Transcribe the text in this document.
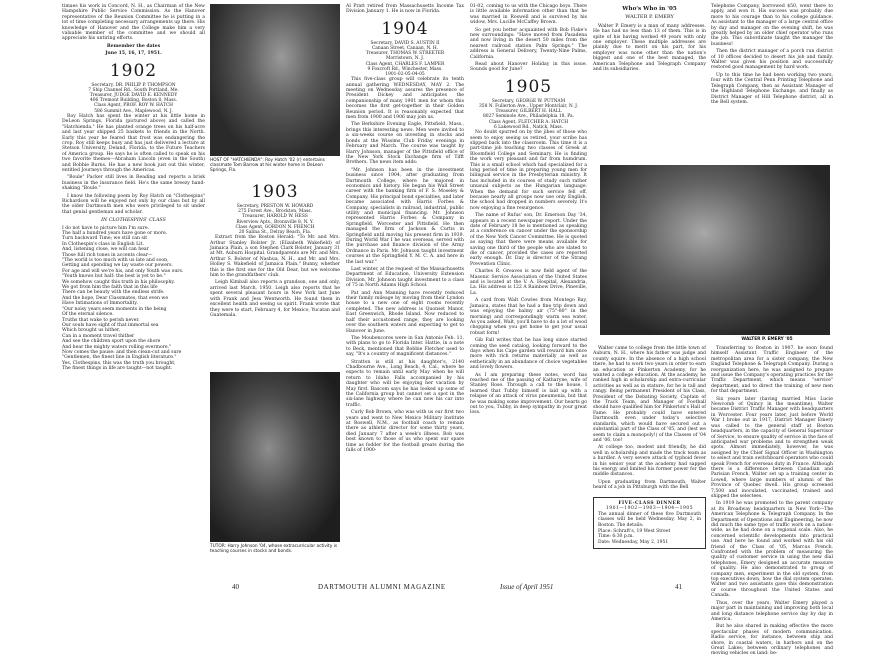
HOST OF "HATCHIENDA": Roy Hatch '02 (r) entertains classmate Tom Barrow at his winter home in DeLeon Springs, Fla.
TUTOR: Harry Johnson '04, whose extracurricular activity is teaching courses in stocks and bonds.
WALTER P. EMERY '05

timues his work in Concord, N. H., as Chairman of the New Hampshire Public Service Commission. As the Hanover representative of the Reunion Committee he is putting in a lot of time completing necessary arrangements up there. His knowledge of Hanover and the College make him a very valuable member of the committee and we should all appreciate his untiring efforts.

Remember the dates

June 15, 16, 17, 1951.

1902

Secretary, DR. PHILIP P. THOMPSON

7 Ship Channel Rd., South Portland, Me.

Treasurer, JUDGE DAVID E. KENNEDY

406 Tremont Building, Boston 8, Mass.

Class Agent, PROF. ROY W. HATCH

586 Summit Ave., Maplewood, N. J.

Roy Hatch has spent the winter at his little home in DeLeon Springs, Florida (pictured above) and called the "Hatchienda." He has planted orange trees on his half-acre and last year shipped 25 baskets to friends in the North. Early this year he feared that frost was endangering the crop. Roy still keeps busy and has just delivered a lecture at Stetson University, Deland, Florida, to the Future Teachers of America group. He says he is often called to speak on his two favorite themes—Abraham Lincoln (even in the South) and Bobbie Burns. He has a new book just out this winter, entitled Journeys through the Americas.

"Boule" Packer still lives in Reading and reports a brisk business in the insurance field. He's the same breezy hand-shaking "Boule."

I know the following poem by Roy Hatch on "Clothespins" Richardson will be enjoyed not only by our class but by all the older Dartmouth men who were privileged to sit under that genial gentleman and scholar.

IN CLOTHESPINS' CLASS

I do not have to picture him I'm sure.

The half a hundred years have gone or more.

Turn backward Time; we still can sit

In Clothespin's class in English Lit.

And, listening close, we will can hear

Those full rich tones in accents clear—

"The world is too much with us late and soon,

Getting and spending we lay waste our powers.

For age and will we're his, and only Youth was ours.

"Youth knows but half: the best is yet to be."

We somehow caught this truth in his philosophy.

We got from him the faith that in this life

There can be beauty with the endless strife.

And the hope, Dear Classmates, that even we

Have Intimations of Immortality.

"Our noisy years seem moments in the being

Of the eternal silence.

Truths that wake to perish never.

Our souls have sight of that immortal sea

Which brought us hither,

Can in a moment travel thither

And see the children sport upon the shore

And hear the mighty waters rolling evermore."

Now comes the pause: and then clean-cut and sure

"Gentlemen, the finest line in English literature."

Yes, Clothespins, this was the truth you brought,

The finest things in life are taught—not taught.

1903

Secretary, PRESTON W. HOWARD

275 Forest Ave., Brockton, Mass.

Treasurer, HAROLD W. HESS

Riverview Apts., Bronxville 8, N. Y.

Class Agent, GORDON N. FRENCH

20 Salina St., Delray Beach, Fla.

Extract from the Boston Herald: "To Mr. and Mrs. Arthur Stanley Bolster Jr. (Elizabeth Wakefield) of Jamaica Plain, a son Stephen Clark Bolster, January 31 at Mt. Auburn Hospital. Grandparents are Mr. and Mrs. Arthur S. Bolster of Nashua, N. H., and Mr. and Mrs. Holley S. Wakefield of Jamaica Plain." Bunny, whether this is the first one for the Old Dear, but we welcome him to the grandfathers' club.

Leigh Kimball also reports a grandson, one and only, arrived last March, 1950. Leigh also reports that he spent several pleasant hours in New York last June with Frank and Jess Wentworth. He found them in excellent health and seeing us spirit. Frank wrote that they were to start, February 4, for Mexico, Yucatan and Guatemala.

Al Pratt retired from Massachusetts Income Tax Division January 1. He is now in Florida.

1904

Secretary, DAVID S. AUSTIN II

Canaan Street, Canaan, N. H.

Treasurer, THOMAS W. STREETER

Morristown, N. J.

Class Agent, CHARLES F. LAMPER

9 Foxcroft Rd., Winchester, Mass.

1901-02-05-04-05

This five-class group will celebrate its tenth annual gathering WEDNESDAY, MAY 2. The meeting on Wednesday assures the presence of President Dickey and anticipates the companionship of many 1901 men for whom this becomes the first get-together in their Golden Reunion period. It is reasonably expected that men from 1900 and 1906 may join us.

The Berkshire Evening Eagle, Pittsfield, Mass., brings this interesting news. Men were invited to a six-weeks course on investing in stocks and bonds at the Wissims Club Friday evenings in February and March. The course was taught by Harry Johnson, manager of the Pittsfield office of the New York Stock Exchange firm of Tifft Brothers. The news item adds:

"Mr. Johnson has been in the investment business since 1904, after graduating from Dartmouth College, where he majored in economics and history. He began his Wall Street career with the banking firm of F. S. Moseley & Company. His principal bond specialties, and later became associated with Harris Forbes & Company, specialists in railroad, industrial, public utility and municipal financing. Mr. Johnson represented Harris Forbes & Company in Springfield, Worcester and Pittsfield. He then managed the firm of Jackson & Curtis in Springfield until moving his present firm in 1939. During World War I he was overseas, served with the purchase and finance division of the Army Ordnance in Paris. Mr. Johnson taught investment courses at the Springfield Y. M. C. A. and here in the last war."

Last winter, at the request of the Massachusetts Department of Education, University Extension Division, Mr. Johnson taught investment to a class of 75 in North Adams High School.

Pat and Ann Manning have recently reduced their family mileage by moving from their Lyndon house to a new one of eight rooms recently completed. The new address is Quonset Manor, East Greenwich, Rhode Island. Now reduced to half their accustomed range, they are looking over the southern waters and expecting to get to Hanover in June.

The Moubencores were in San Antonio Feb. 11, with plans to go to Florida Inter. Hattie, in a note to Beck, mentioned that Bobbie Fletcher used to say, "It's a country of magnificent distances."

Stratton is still at his daughter's, 2140 Chadbourne Ave., Long Beach, 4, Cal., where he expects to remain until early May when he will return to Idaho Falls accompanied by his daughter who will be enjoying her vacation by May first. Bascom says he has looked up some of the California group but cannot set a spot in the six-lane highway where he can now his car into traffic.

Curly Bob Brown, who was with us our first two years and went to New Mexico Military Institute at Roswell, N.M., as football coach to remain there as athletic director for some thirty years, died January 7 after a week's illness. Bob was best known to those of us who spent our spare time as fodder for the football greats during the falls of 1900-

01-02, coming to us with the Chicago boys. There is little available information other than that he was married in Roswell and is survived by his widow, Mrs. Lucille McCaffey Brown.

So get you better acquainted with Bob Fiske's new surroundings: "Have moved from Pasadena and now living in the desert 50 miles from the nearest railroad station Palm Springs." The address is General Delivery, Twenty-Nine Palms, California.

Read about Hanover Holiday in this issue. Sounds good for June?

1905

Secretary, GEORGE W. PUTNAM

358 N. Fullerton Ave., Upper Montclair, N. J.

Treasurer, GILBERT H. HALL

8027 Seminole Ave., Philadelphia 18, Pa.

Class Agent, FLETCHER A. HATCH

6 Lakewood Rd., Natick, Mass.

No doubt spurred on by the jibes of those who seem to enjoy seeing us retired, your scribe has slipped back into the classroom. This time it is a part-time job teaching two classes of Greek at Bloomfield College and Seminary. He is finding the work very pleasant and far from humdrum. This is a small school which had specialized for a long period of time in preparing young men for bilingual service in the Presbyterian ministry. It has included in its courses of study such rather unusual subjects as the Hungarian language. When the demand for such service fell off, because nearly all groups now use only English, the school had dropped in numbers severely. It's now enjoying a fine resurgence.

The name of Rufus' son, Dr. Emerson Day '34, appears in a recent newspaper report. Under the date of February 18 he is mentioned as speaking at a conference on cancer under the sponsorship of the New York Cancer Committee. He is quoted as saying that there were means available for saving one third of the people who are slated to die of cancer, provided the cases are reported early enough. Dr. Day is director of the Strang Prevention Clinic.

Charles R. Greaves is now field agent of the Masonic Service Association of the United States and is located at the V. A. Hospital, Alexandria, La. His address is 122 A Rainbow Drive, Pineville, La.

A card from Walt Cowles from Montego Bay, Jamaica, states that he had a fine trip down and was enjoying the balmy air (75°-80° in the morning) and correspondingly warm sea water. As you asked, Walt, you'll have to do a lot of wood chopping when you get home to get your usual robust form!

Gib Fall writes that he has long since started coming the seed catalog, looking forward to the days when his Cape garden will reward him once more with rich returns materially as well as esthetically in an abundance of choice vegetables and lovely flowers.

As I am preparing these notes, word has reached me of the passing of Katharyne, wife of Stanley Rose. Through a call to the house, I learned that Tubby himself is laid up with a relapse of an attack of virus pneumonia, but that he was making some improvement. Our hearts go out to you, Tubby, in deep sympathy in your great loss.

Who's Who in '05

WALTER P. EMERY

Walter P. Emery is a man of many addresses. He has had no less than 13 of them. This is in spite of his having worked 49 years with only one employer. These multiple addresses are plainly due to merit on his part, for his employer was none other than the nation's biggest and one of the best managed, the American Telephone and Telegraph Company and its subsidiaries.

Walter came to college from the little town of Auburn, N. H., where his father was judge and county squire. In the absence of a high school there, he had to work two years in order to earn an education at Pinkerton Academy, for he wanted a college education. At the academy, he ranked high in scholarship and extra-curricular activities as well as in stature, for he is tall and rangy. Being permanent President of his Class, President of the Debating Society, Captain of the Track Team, and Manager of Football should have qualified him for Pinkerton's Hall of Fame. He probably could have entered Dartmouth even under today's selective standards, which would have secured out a substantial part of the Class of '05, and (lest we seem to claim a monopoly!) of the Classes of '04 and '06, too!

At college too, modest and friendly, he did well in scholarship and made the track team as a hurdler. A very severe attack of typhoid fever in his senior year at the academy had sapped his energy and limited his former power for the middle distances.

Upon graduating from Dartmouth, Walter heard of a job in Pittsburgh with the Bell

FIVE-CLASS DINNER

1901—1902—1903—1904—1905

The annual dinner of these five Dartmouth classes will be held Wednesday, May 2, in Boston. The details:

Place: Schraft's, 19 West Street

Time: 6:30 p.m.

Date: Wednesday, May 2, 1951

Telephone Company, borrowed $50, went there to apply, and won it. His success was probably due more to his courage than to his college guidance. As assistant to the manager of a large central office by day and manager on the evening shift, he was greatly helped by an older chief operator who runs the job. This subordinate taught the manager the business!

Then the district manager of a porch run district of 10 offices decided to desert his job and family. Walter was given his position and successfully restored good management by hard work.

Up to this time he had been working two years, four with the Central Penn Printing Telephone and Telegraph Company, then as Assistant Manager of the Highland Telephone Exchange, and finally as District Manager of Hill Telephone district, all in the Bell system.

Transferring to Boston in 1907, he soon found himself Assistant Traffic Engineer of the metropolitan area for a sister company, the New England Telephone & Telegraph Company. During a reorganization here, he was assigned to prepare and issue the Company's operating practices for the Traffic Department, which means "service" department, and to direct the training of new men for that department.

Six years later (having married Miss Lucie Newcomb of Quincy in the meantime), Walter became District Traffic Manager with headquarters in Worcester. Four years later, just before World War I broke out in 1917, District Manager Emery was called to the general staff at Boston headquarters, in the capacity of General Supervisor of Service, to ensure quality of service in the face of anticipated war problems and to strengthen weak spots. Almost immediately, however, he was assigned by the Chief Signal Officer in Washington to select and train switchboard operators who could speak French for overseas duty in France. Although there is a difference between Canadian and Parisian French, Walter set up a training center in Lowell, where large numbers of alumni of the Province of Quebec dwell. His group screened 7,500 and inoculated, vaccinated, trained and shipped the selectees.

In 1919 he was promoted to the parent company at its Broadway headquarters in New York—The American Telephone & Telegraph Company. In the Department of Operations and Engineering, he now did much the same type of traffic work on a nation-wide, as he had done on a regional scale. Also, he concerned scientific developments into practical use. And here he found and worked with his old friend of the Class of '05, Marcus French. Confronted with the problem of measuring the quality of customer service in using the new dial telephones, Emery designed an accurate measure of quality. He also demonstrated to group of company men, experiment in the old system, from top executives down, how the dial system operates. Walter and two assistants gave this demonstration or course throughout the United States and Canada.

Thus, over the years, Walter Emery played a major part in maintaining and improving both local and long distance telephone service day by day in America.

But he also shared in making effective the more spectacular phases of modern communication. Radio service, for instance, between ship and shore, in coastal waters, in harbors and on the Great Lakes; between ordinary telephones and moving vehicles on land: be-

40	DARTMOUTH ALUMNI MAGAZINE	Issue of April 1951	41
